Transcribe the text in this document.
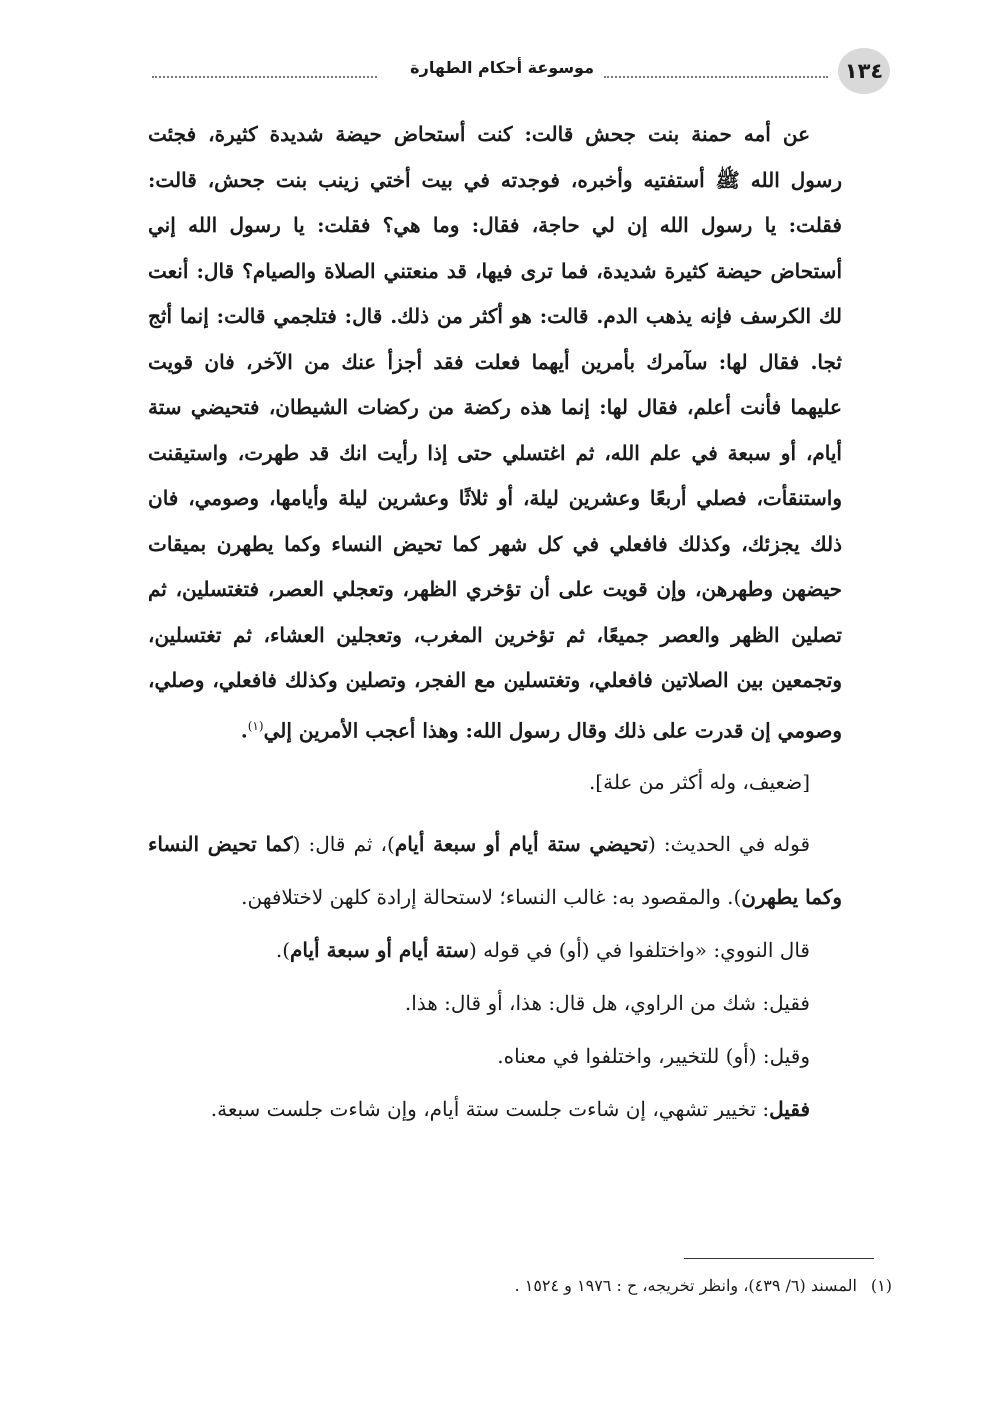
١٣٤
موسوعة أحكام الطهارة

عن أمه حمنة بنت جحش قالت: كنت أستحاض حيضة شديدة كثيرة، فجئت رسول الله ﷺ أستفتيه وأخبره، فوجدته في بيت أختي زينب بنت جحش، قالت: فقلت: يا رسول الله إن لي حاجة، فقال: وما هي؟ فقلت: يا رسول الله إني أستحاض حيضة كثيرة شديدة، فما ترى فيها، قد منعتني الصلاة والصيام؟ قال: أنعت لك الكرسف فإنه يذهب الدم. قالت: هو أكثر من ذلك. قال: فتلجمي قالت: إنما أثج ثجا. فقال لها: سآمرك بأمرين أيهما فعلت فقد أجزأ عنك من الآخر، فان قويت عليهما فأنت أعلم، فقال لها: إنما هذه ركضة من ركضات الشيطان، فتحيضي ستة أيام، أو سبعة في علم الله، ثم اغتسلي حتى إذا رأيت انك قد طهرت، واستيقنت واستنقأت، فصلي أربعًا وعشرين ليلة، أو ثلاثًا وعشرين ليلة وأيامها، وصومي، فان ذلك يجزئك، وكذلك فافعلي في كل شهر كما تحيض النساء وكما يطهرن بميقات حيضهن وطهرهن، وإن قويت على أن تؤخري الظهر، وتعجلي العصر، فتغتسلين، ثم تصلين الظهر والعصر جميعًا، ثم تؤخرين المغرب، وتعجلين العشاء، ثم تغتسلين، وتجمعين بين الصلاتين فافعلي، وتغتسلين مع الفجر، وتصلين وكذلك فافعلي، وصلي، وصومي إن قدرت على ذلك وقال رسول الله: وهذا أعجب الأمرين إلي$^{(١)}$.

[ضعيف، وله أكثر من علة].

قوله في الحديث: (تحيضي ستة أيام أو سبعة أيام)، ثم قال: (كما تحيض النساء وكما يطهرن). والمقصود به: غالب النساء؛ لاستحالة إرادة كلهن لاختلافهن.

قال النووي: «واختلفوا في (أو) في قوله (ستة أيام أو سبعة أيام).

فقيل: شك من الراوي، هل قال: هذا، أو قال: هذا.

وقيل: (أو) للتخيير، واختلفوا في معناه.

فقيل: تخيير تشهي، إن شاءت جلست ستة أيام، وإن شاءت جلست سبعة.

(١)المسند (٦/ ٤٣٩)، وانظر تخريجه، ح : ١٩٧٦ و ١٥٢٤ .
